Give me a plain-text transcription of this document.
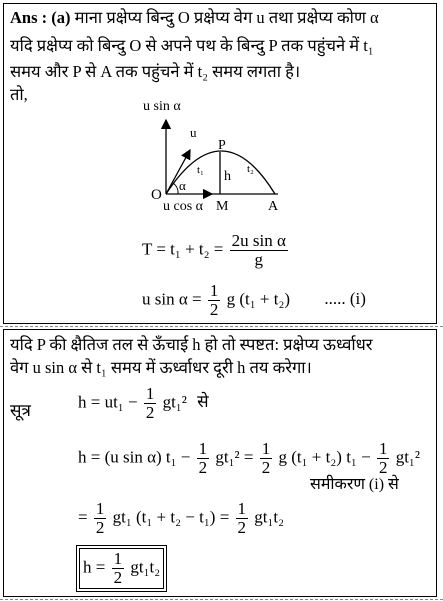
Ans : (a) माना प्रक्षेप्य बिन्दु O प्रक्षेप्य वेग u तथा प्रक्षेप्य कोण α
यदि प्रक्षेप्य को बिन्दु O से अपने पथ के बिन्दु P तक पहुंचने में t₁
समय और P से A तक पहुंचने में t₂ समय लगता है।
तो,
u sin α
u
P
t₁ h t₂
α
O
u cos α M	A
$T = t_1 + t_2 = \frac{\text{2u sin α}}{g}$
u $\sin \alpha = \frac{1}{2}$ g (t₁ + t₂) ..... (i)
यदि P की क्षैतिज तल से ऊँचाई h हो तो स्पष्टत: प्रक्षेप्य ऊर्ध्वाधर
वेग u sin α से t₁ समय में ऊर्ध्वाधर दूरी h तय करेगा।
सूत्र	$h = ut_1 - \frac{1}{2} gt_1^2$ से
h = (u sin α) $t_1 - \frac{1}{2} gt_1^2 = \frac{1}{2}$ g (t₁ + t₂) $t_1 - \frac{1}{2} gt_1^2$
समीकरण (i) से
= $\frac{1}{2} gt_1$ $(t_1 + t_2 - t_1) = \frac{1}{2} gt_1t_2$
$h = \frac{1}{2} gt_1t_2$
